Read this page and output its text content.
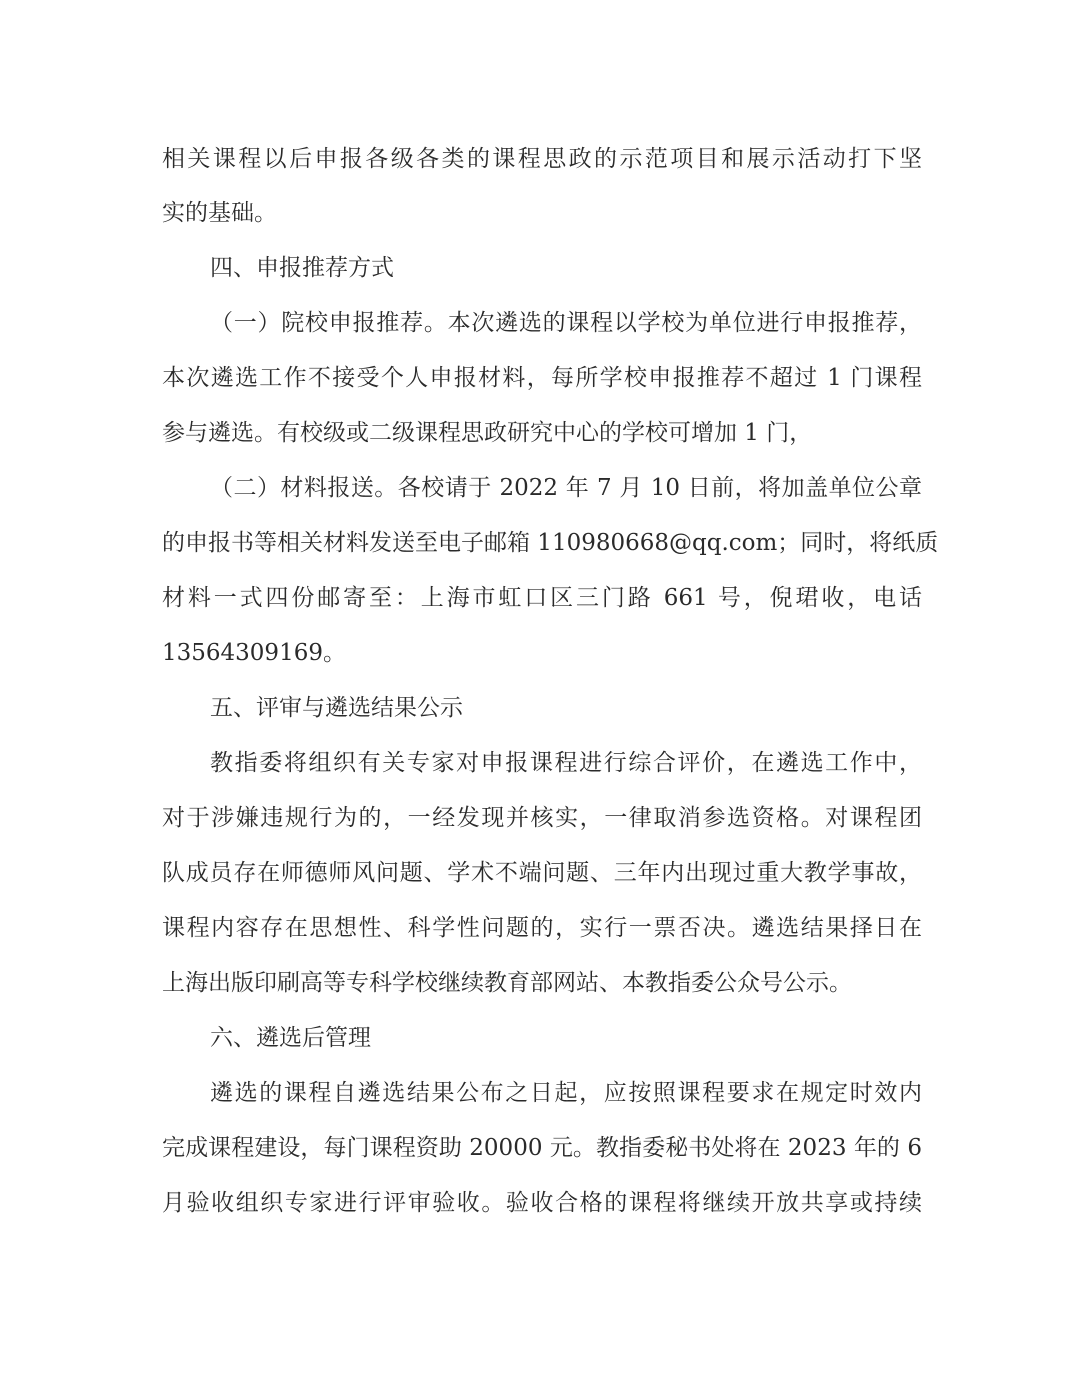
相关课程以后申报各级各类的课程思政的示范项目和展示活动打下坚
实的基础。
四、申报推荐方式
（一）院校申报推荐。本次遴选的课程以学校为单位进行申报推荐，
本次遴选工作不接受个人申报材料，每所学校申报推荐不超过 1 门课程
参与遴选。有校级或二级课程思政研究中心的学校可增加 1 门，
（二）材料报送。各校请于 2022 年 7 月 10 日前，将加盖单位公章
的申报书等相关材料发送至电子邮箱 110980668@qq.com；同时，将纸质
材料一式四份邮寄至：上海市虹口区三门路 661 号，倪珺收，电话
13564309169。
五、评审与遴选结果公示
教指委将组织有关专家对申报课程进行综合评价，在遴选工作中，
对于涉嫌违规行为的，一经发现并核实，一律取消参选资格。对课程团
队成员存在师德师风问题、学术不端问题、三年内出现过重大教学事故，
课程内容存在思想性、科学性问题的，实行一票否决。遴选结果择日在
上海出版印刷高等专科学校继续教育部网站、本教指委公众号公示。
六、遴选后管理
遴选的课程自遴选结果公布之日起，应按照课程要求在规定时效内
完成课程建设，每门课程资助 20000 元。教指委秘书处将在 2023 年的 6
月验收组织专家进行评审验收。验收合格的课程将继续开放共享或持续
